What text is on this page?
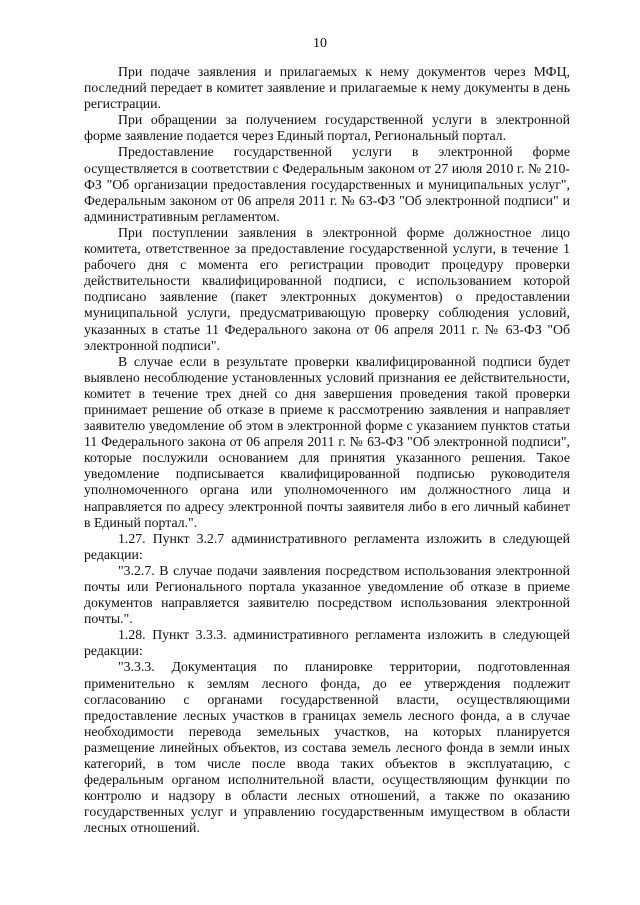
10

При подаче заявления и прилагаемых к нему документов через МФЦ, последний передает в комитет заявление и прилагаемые к нему документы в день регистрации.

При обращении за получением государственной услуги в электронной форме заявление подается через Единый портал, Региональный портал.

Предоставление государственной услуги в электронной форме осуществляется в соответствии с Федеральным законом от 27 июля 2010 г. № 210-ФЗ "Об организации предоставления государственных и муниципальных услуг", Федеральным законом от 06 апреля 2011 г. № 63-ФЗ "Об электронной подписи" и административным регламентом.

При поступлении заявления в электронной форме должностное лицо комитета, ответственное за предоставление государственной услуги, в течение 1 рабочего дня с момента его регистрации проводит процедуру проверки действительности квалифицированной подписи, с использованием которой подписано заявление (пакет электронных документов) о предоставлении муниципальной услуги, предусматривающую проверку соблюдения условий, указанных в статье 11 Федерального закона от 06 апреля 2011 г. № 63-ФЗ "Об электронной подписи".

В случае если в результате проверки квалифицированной подписи будет выявлено несоблюдение установленных условий признания ее действительности, комитет в течение трех дней со дня завершения проведения такой проверки принимает решение об отказе в приеме к рассмотрению заявления и направляет заявителю уведомление об этом в электронной форме с указанием пунктов статьи 11 Федерального закона от 06 апреля 2011 г. № 63-ФЗ "Об электронной подписи", которые послужили основанием для принятия указанного решения. Такое уведомление подписывается квалифицированной подписью руководителя уполномоченного органа или уполномоченного им должностного лица и направляется по адресу электронной почты заявителя либо в его личный кабинет в Единый портал.".

1.27. Пункт 3.2.7 административного регламента изложить в следующей редакции:

"3.2.7. В случае подачи заявления посредством использования электронной почты или Регионального портала указанное уведомление об отказе в приеме документов направляется заявителю посредством использования электронной почты.".

1.28. Пункт 3.3.3. административного регламента изложить в следующей редакции:

"3.3.3. Документация по планировке территории, подготовленная применительно к землям лесного фонда, до ее утверждения подлежит согласованию с органами государственной власти, осуществляющими предоставление лесных участков в границах земель лесного фонда, а в случае необходимости перевода земельных участков, на которых планируется размещение линейных объектов, из состава земель лесного фонда в земли иных категорий, в том числе после ввода таких объектов в эксплуатацию, с федеральным органом исполнительной власти, осуществляющим функции по контролю и надзору в области лесных отношений, а также по оказанию государственных услуг и управлению государственным имуществом в области лесных отношений.
